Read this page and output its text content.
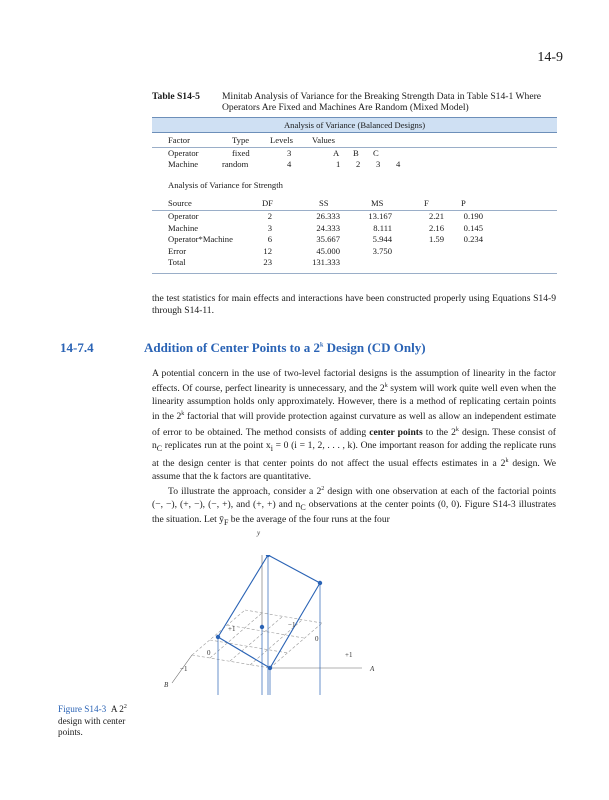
14-9
Table S14-5 Minitab Analysis of Variance for the Breaking Strength Data in Table S14-1 Where Operators Are Fixed and Machines Are Random (Mixed Model)
Analysis of Variance (Balanced Designs)
Factor	Type Levels Values
Operator	fixed	3	A B C
Machine	random	4	1 2 3 4
Analysis of Variance for Strength
Source	DF	SS	MS	F	P
Operator	2	26.333	13.167	2.21 0.190
Machine	3	24.333	8.111	2.16 0.145
Operator*Machine	6	35.667	5.944	1.59 0.234
Error	12	45.000	3.750
Total	23	131.333
the test statistics for main effects and interactions have been constructed properly using Equations S14-9 through S14-11.
14-7.4	Addition of Center Points to a 2$^k$ Design (CD Only)

A potential concern in the use of two-level factorial designs is the assumption of linearity in the factor effects. Of course, perfect linearity is unnecessary, and the 2$^k$ system will work quite well even when the linearity assumption holds only approximately. However, there is a method of replicating certain points in the 2$^k$ factorial that will provide protection against curvature as well as allow an independent estimate of error to be obtained. The method consists of adding center points to the 2$^k$ design. These consist of $n_C$ replicates run at the point $x_i = 0$ (i = 1, 2, . . . , k). One important reason for adding the replicate runs at the design center is that center points do not affect the usual effects estimates in a 2$^k$ design. We assume that the k factors are quantitative.

To illustrate the approach, consider a $2^2$ design with one observation at each of the factorial points (−, −), (+, −), (−, +), and (+, +) and $n_C$ observations at the center points (0, 0). Figure S14-3 illustrates the situation. Let $ȳ_F$ be the average of the four runs at the four

y
+1	−1
0
0
+1
−1	A
B
Figure S14-3 A $2^2$ design with center points.
